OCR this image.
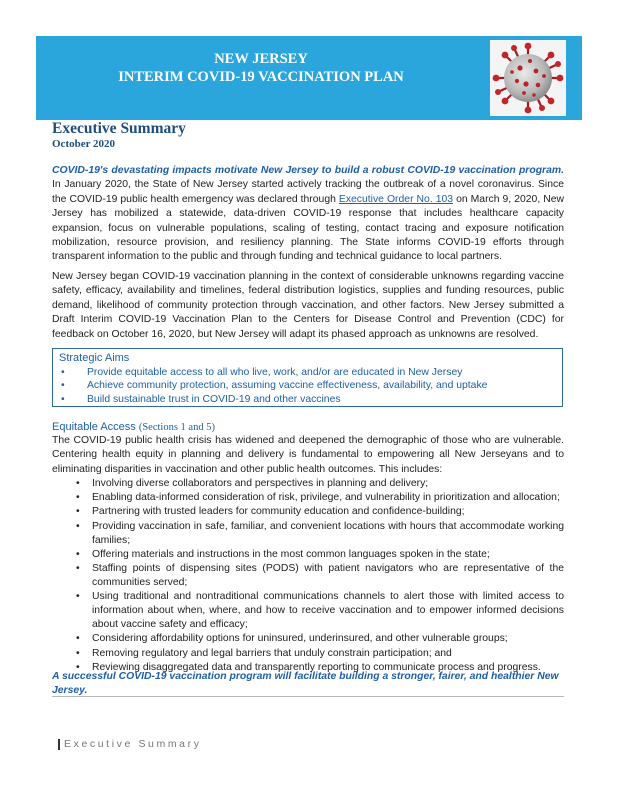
NEW JERSEY
INTERIM COVID-19 VACCINATION PLAN
Executive Summary
October 2020
COVID-19's devastating impacts motivate New Jersey to build a robust COVID-19 vaccination program. In January 2020, the State of New Jersey started actively tracking the outbreak of a novel coronavirus. Since the COVID-19 public health emergency was declared through Executive Order No. 103 on March 9, 2020, New Jersey has mobilized a statewide, data-driven COVID-19 response that includes healthcare capacity expansion, focus on vulnerable populations, scaling of testing, contact tracing and exposure notification mobilization, resource provision, and resiliency planning. The State informs COVID-19 efforts through transparent information to the public and through funding and technical guidance to local partners.
New Jersey began COVID-19 vaccination planning in the context of considerable unknowns regarding vaccine safety, efficacy, availability and timelines, federal distribution logistics, supplies and funding resources, public demand, likelihood of community protection through vaccination, and other factors. New Jersey submitted a Draft Interim COVID-19 Vaccination Plan to the Centers for Disease Control and Prevention (CDC) for feedback on October 16, 2020, but New Jersey will adapt its phased approach as unknowns are resolved.
Strategic Aims
• Provide equitable access to all who live, work, and/or are educated in New Jersey
• Achieve community protection, assuming vaccine effectiveness, availability, and uptake
• Build sustainable trust in COVID-19 and other vaccines
Equitable Access (Sections 1 and 5)
The COVID-19 public health crisis has widened and deepened the demographic of those who are vulnerable. Centering health equity in planning and delivery is fundamental to empowering all New Jerseyans and to eliminating disparities in vaccination and other public health outcomes. This includes:
• Involving diverse collaborators and perspectives in planning and delivery;
• Enabling data-informed consideration of risk, privilege, and vulnerability in prioritization and allocation;
• Partnering with trusted leaders for community education and confidence-building;
• Providing vaccination in safe, familiar, and convenient locations with hours that accommodate working families;
• Offering materials and instructions in the most common languages spoken in the state;
• Staffing points of dispensing sites (PODS) with patient navigators who are representative of the communities served;
• Using traditional and nontraditional communications channels to alert those with limited access to information about when, where, and how to receive vaccination and to empower informed decisions about vaccine safety and efficacy;
• Considering affordability options for uninsured, underinsured, and other vulnerable groups;
• Removing regulatory and legal barriers that unduly constrain participation; and
• Reviewing disaggregated data and transparently reporting to communicate process and progress.
A successful COVID-19 vaccination program will facilitate building a stronger, fairer, and healthier New Jersey.
Executive Summary
